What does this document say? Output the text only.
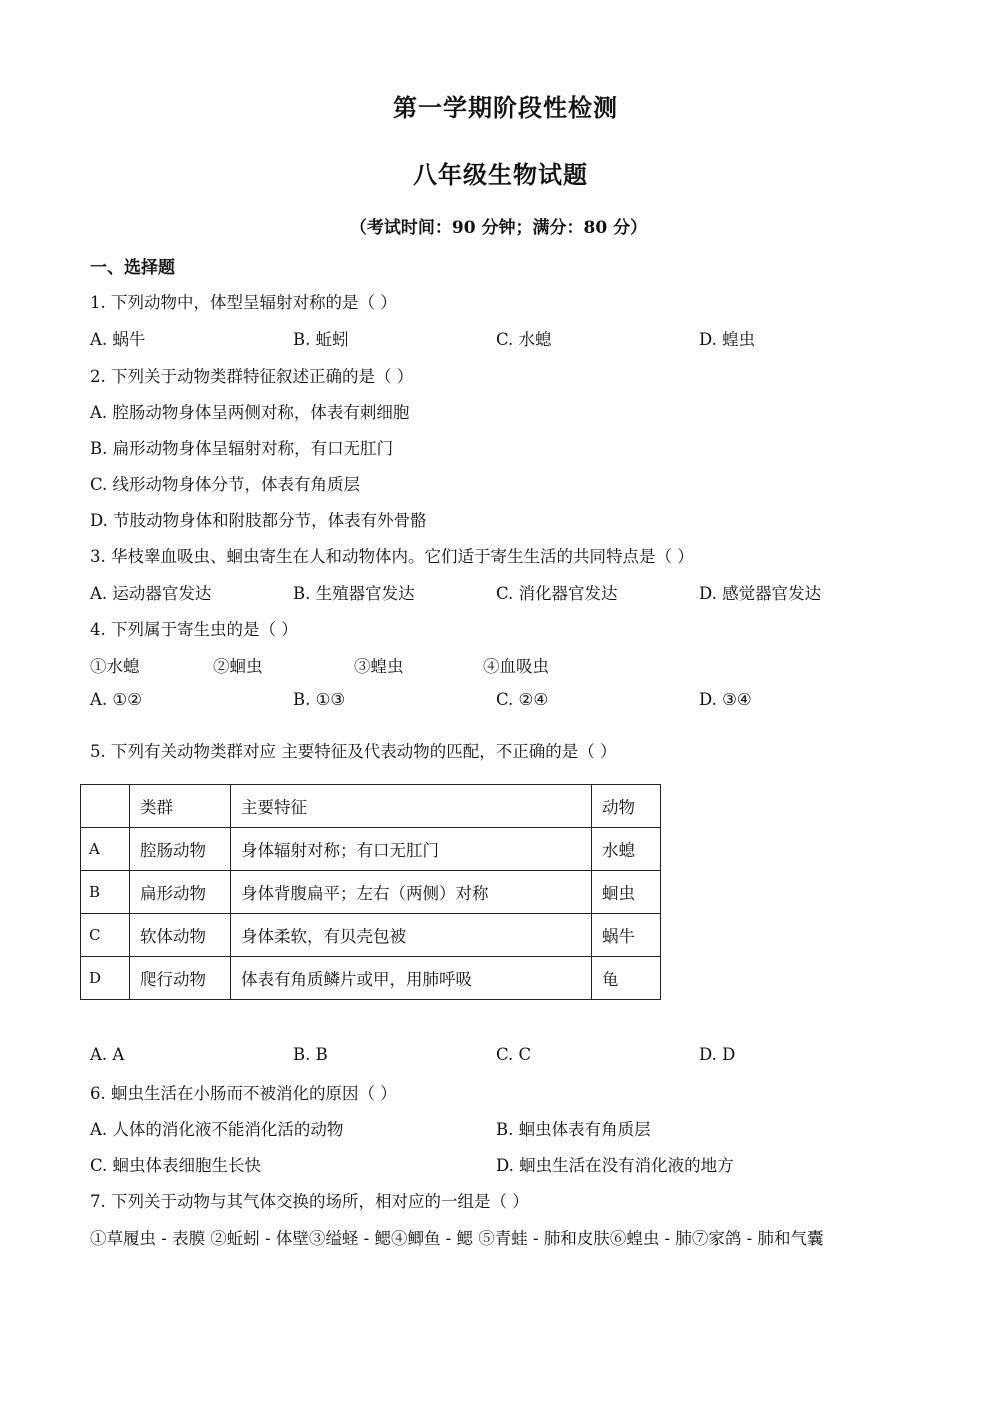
第一学期阶段性检测
八年级生物试题
（考试时间：90 分钟；满分：80 分）
一、选择题
1. 下列动物中，体型呈辐射对称的是（ ）
A. 蜗牛	B. 蚯蚓	C. 水螅	D. 蝗虫
2. 下列关于动物类群特征叙述正确的是（ ）
A. 腔肠动物身体呈两侧对称，体表有刺细胞
B. 扁形动物身体呈辐射对称，有口无肛门
C. 线形动物身体分节，体表有角质层
D. 节肢动物身体和附肢都分节，体表有外骨骼
3. 华枝睾血吸虫、蛔虫寄生在人和动物体内。它们适于寄生生活的共同特点是（ ）
A. 运动器官发达	B. 生殖器官发达	C. 消化器官发达	D. 感觉器官发达
4. 下列属于寄生虫的是（ ）
①水螅	②蛔虫	③蝗虫	④血吸虫
A. ①②	B. ①③	C. ②④	D. ③④
5. 下列有关动物类群对应 主要特征及代表动物的匹配，不正确的是（ ）
	类群	主要特征	动物
A	腔肠动物	身体辐射对称；有口无肛门	水螅
B	扁形动物	身体背腹扁平；左右（两侧）对称	蛔虫
C	软体动物	身体柔软，有贝壳包被	蜗牛
D	爬行动物	体表有角质鳞片或甲，用肺呼吸	龟
A. A	B. B	C. C	D. D
6. 蛔虫生活在小肠而不被消化的原因（ ）
A. 人体的消化液不能消化活的动物	B. 蛔虫体表有角质层
C. 蛔虫体表细胞生长快	D. 蛔虫生活在没有消化液的地方
7. 下列关于动物与其气体交换的场所，相对应的一组是（ ）
①草履虫 - 表膜 ②蚯蚓 - 体壁③缢蛏 - 鳃④鲫鱼 - 鳃 ⑤青蛙 - 肺和皮肤⑥蝗虫 - 肺⑦家鸽 - 肺和气囊
